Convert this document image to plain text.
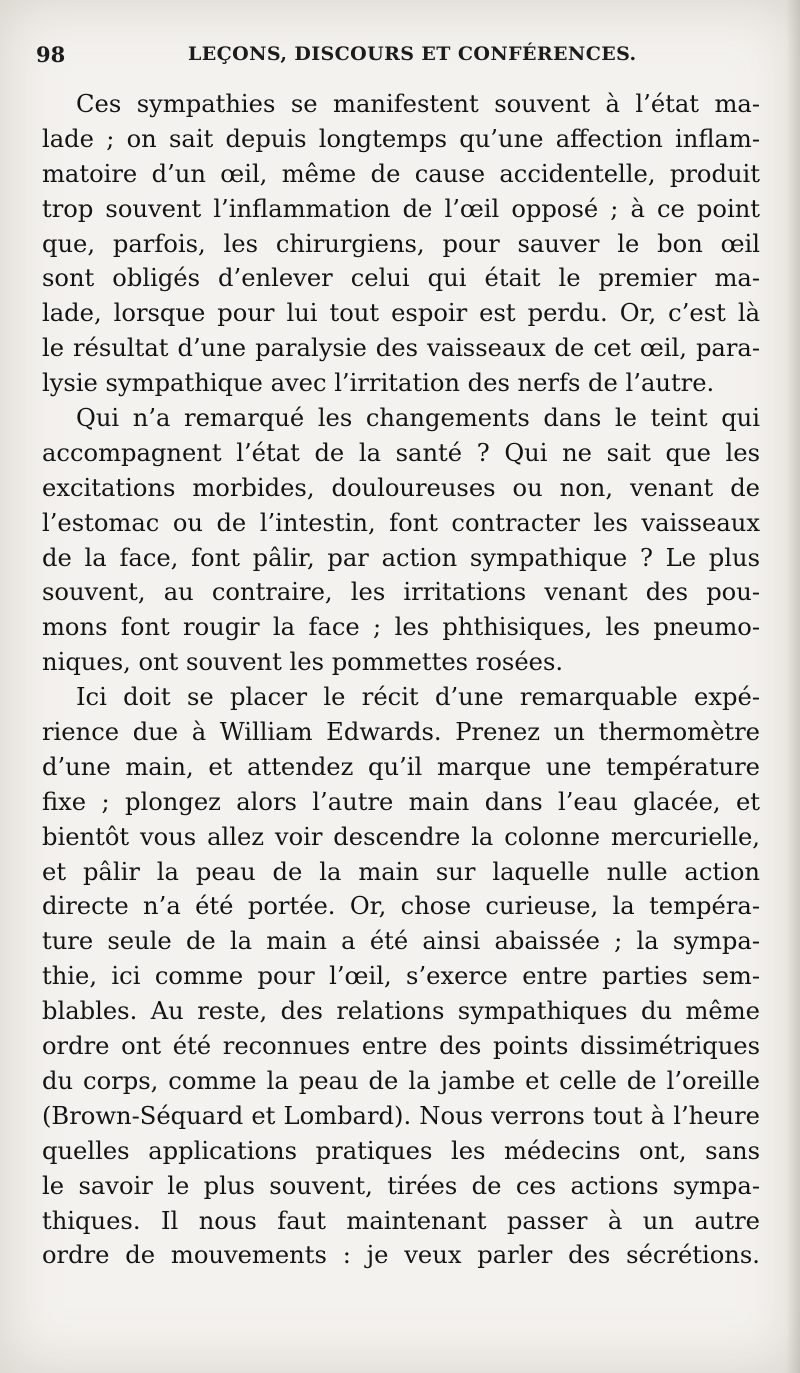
98	LEÇONS, DISCOURS ET CONFÉRENCES.
Ces sympathies se manifestent souvent à l’état ma-
lade ; on sait depuis longtemps qu’une affection inflam-
matoire d’un œil, même de cause accidentelle, produit
trop souvent l’inflammation de l’œil opposé ; à ce point
que, parfois, les chirurgiens, pour sauver le bon œil
sont obligés d’enlever celui qui était le premier ma-
lade, lorsque pour lui tout espoir est perdu. Or, c’est là
le résultat d’une paralysie des vaisseaux de cet œil, para-
lysie sympathique avec l’irritation des nerfs de l’autre.
Qui n’a remarqué les changements dans le teint qui
accompagnent l’état de la santé ? Qui ne sait que les
excitations morbides, douloureuses ou non, venant de
l’estomac ou de l’intestin, font contracter les vaisseaux
de la face, font pâlir, par action sympathique ? Le plus
souvent, au contraire, les irritations venant des pou-
mons font rougir la face ; les phthisiques, les pneumo-
niques, ont souvent les pommettes rosées.
Ici doit se placer le récit d’une remarquable expé-
rience due à William Edwards. Prenez un thermomètre
d’une main, et attendez qu’il marque une température
fixe ; plongez alors l’autre main dans l’eau glacée, et
bientôt vous allez voir descendre la colonne mercurielle,
et pâlir la peau de la main sur laquelle nulle action
directe n’a été portée. Or, chose curieuse, la tempéra-
ture seule de la main a été ainsi abaissée ; la sympa-
thie, ici comme pour l’œil, s’exerce entre parties sem-
blables. Au reste, des relations sympathiques du même
ordre ont été reconnues entre des points dissimétriques
du corps, comme la peau de la jambe et celle de l’oreille
(Brown-Séquard et Lombard). Nous verrons tout à l’heure
quelles applications pratiques les médecins ont, sans
le savoir le plus souvent, tirées de ces actions sympa-
thiques. Il nous faut maintenant passer à un autre
ordre de mouvements : je veux parler des sécrétions.
